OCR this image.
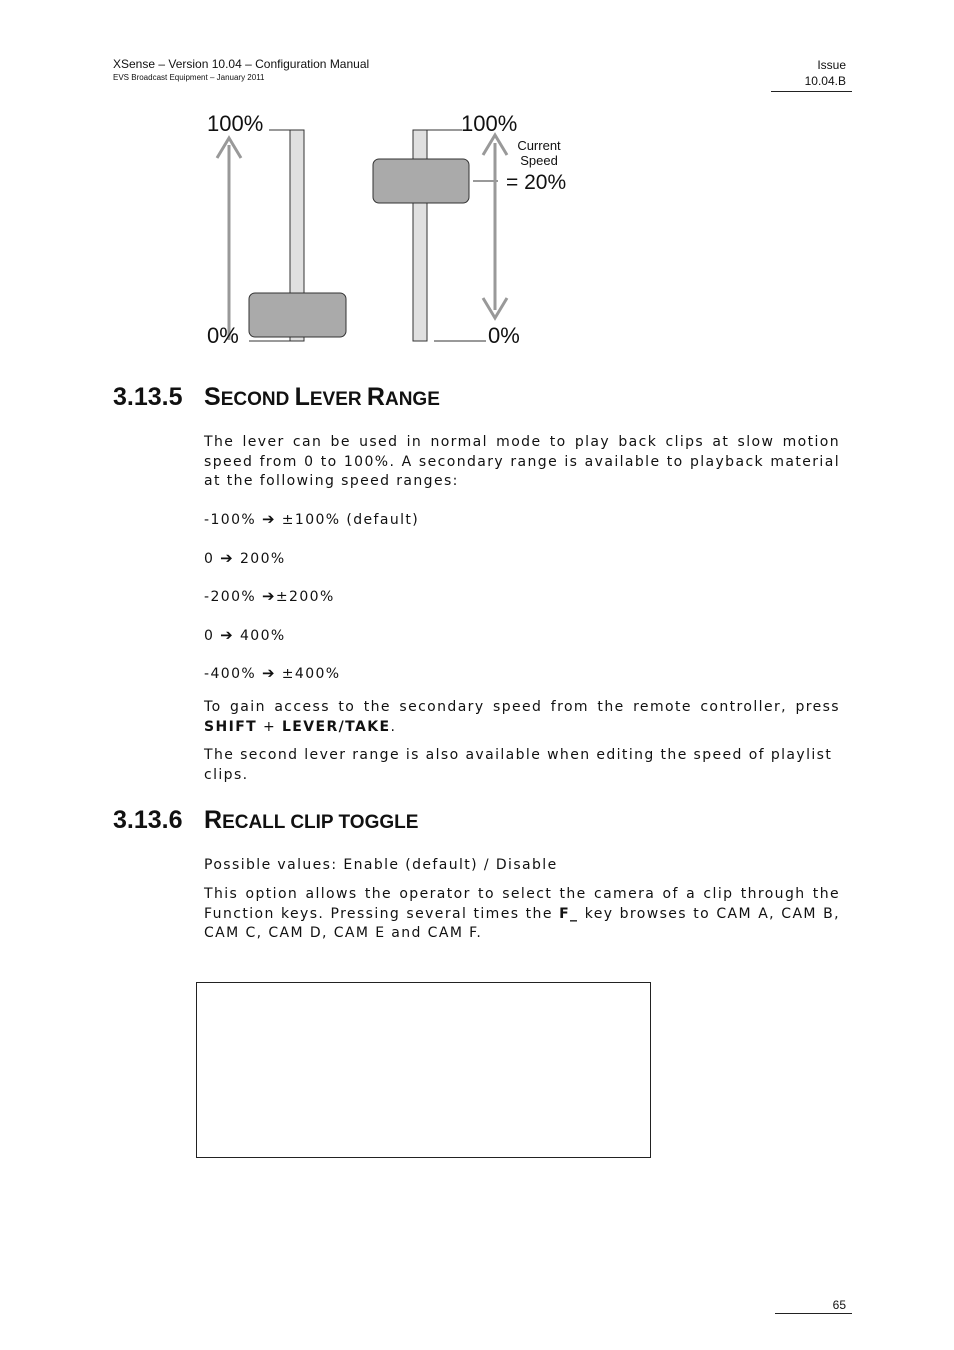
XSense – Version 10.04 – Configuration Manual
EVS Broadcast Equipment – January 2011
Issue
10.04.B
100%
0%
100%
0%
Current
Speed
= 20%
3.13.5 SECOND LEVER RANGE
The lever can be used in normal mode to play back clips at slow motion speed from 0 to 100%. A secondary range is available to playback material at the following speed ranges:
-100% ➔ ±100% (default)
0 ➔ 200%
-200% ➔±200%
0 ➔ 400%
-400% ➔ ±400%
To gain access to the secondary speed from the remote controller, press SHIFT + LEVER/TAKE.
The second lever range is also available when editing the speed of playlist clips.
3.13.6 RECALL CLIP TOGGLE
Possible values: Enable (default) / Disable
This option allows the operator to select the camera of a clip through the Function keys. Pressing several times the F_ key browses to CAM A, CAM B, CAM C, CAM D, CAM E and CAM F.
65
